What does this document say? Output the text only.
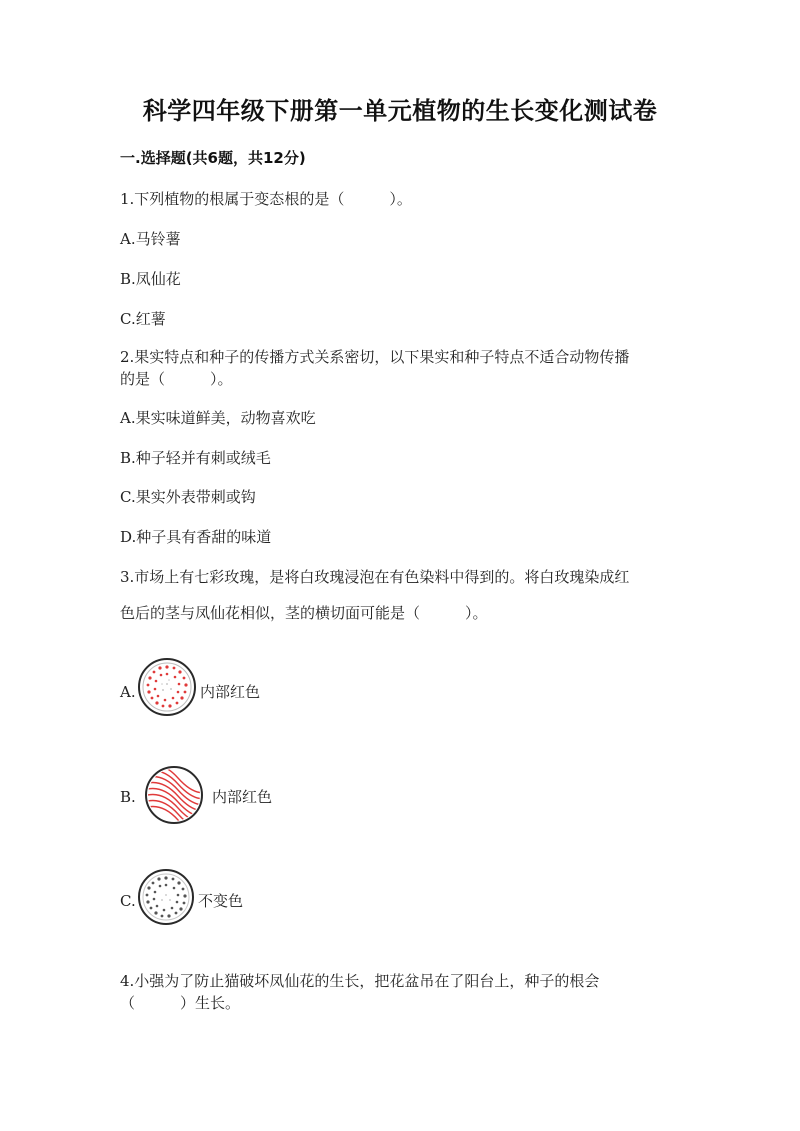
科学四年级下册第一单元植物的生长变化测试卷
一.选择题(共6题，共12分)
1.下列植物的根属于变态根的是（　　　）。
A.马铃薯
B.凤仙花
C.红薯
2.果实特点和种子的传播方式关系密切，以下果实和种子特点不适合动物传播
的是（　　　）。
A.果实味道鲜美，动物喜欢吃
B.种子轻并有刺或绒毛
C.果实外表带刺或钩
D.种子具有香甜的味道
3.市场上有七彩玫瑰，是将白玫瑰浸泡在有色染料中得到的。将白玫瑰染成红
色后的茎与凤仙花相似，茎的横切面可能是（　　　）。
A.	内部红色
B.	内部红色
C.	不变色
4.小强为了防止猫破坏凤仙花的生长，把花盆吊在了阳台上，种子的根会
（　　　）生长。
